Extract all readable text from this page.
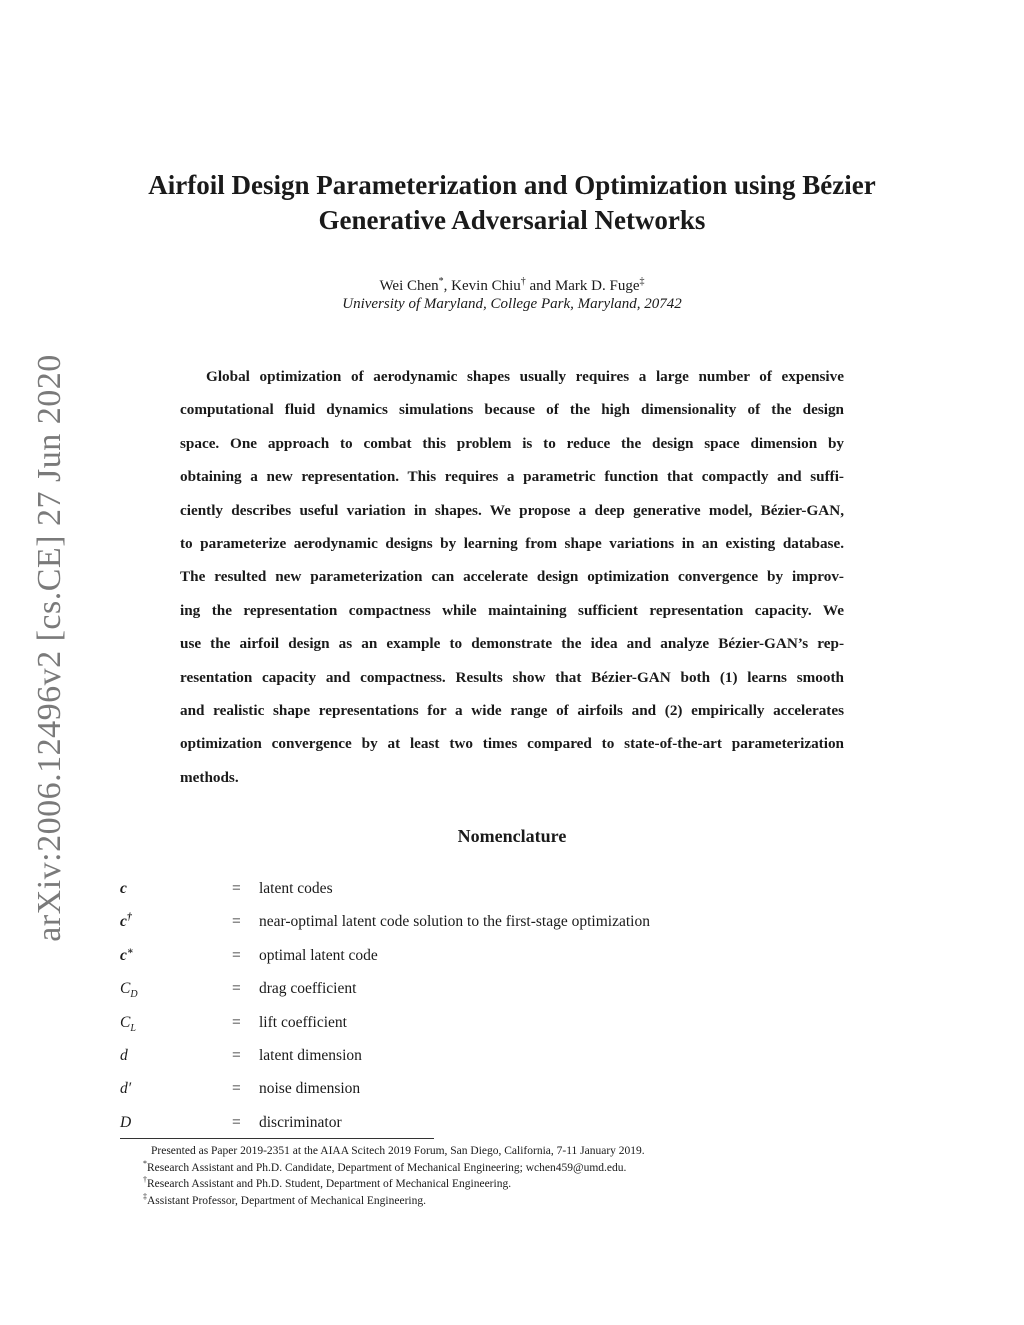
arXiv:2006.12496v2 [cs.CE] 27 Jun 2020
Airfoil Design Parameterization and Optimization using Bézier
Generative Adversarial Networks
Wei Chen*, Kevin Chiu† and Mark D. Fuge‡
University of Maryland, College Park, Maryland, 20742
Global optimization of aerodynamic shapes usually requires a large number of expensive
computational fluid dynamics simulations because of the high dimensionality of the design
space. One approach to combat this problem is to reduce the design space dimension by
obtaining a new representation. This requires a parametric function that compactly and suffi-
ciently describes useful variation in shapes. We propose a deep generative model, Bézier-GAN,
to parameterize aerodynamic designs by learning from shape variations in an existing database.
The resulted new parameterization can accelerate design optimization convergence by improv-
ing the representation compactness while maintaining sufficient representation capacity. We
use the airfoil design as an example to demonstrate the idea and analyze Bézier-GAN’s rep-
resentation capacity and compactness. Results show that Bézier-GAN both (1) learns smooth
and realistic shape representations for a wide range of airfoils and (2) empirically accelerates
optimization convergence by at least two times compared to state-of-the-art parameterization
methods.
Nomenclature
c	= latent codes
c†	= near-optimal latent code solution to the first-stage optimization
c∗	= optimal latent code
$C_D$	= drag coefficient
$C_L$	= lift coefficient
d	= latent dimension
d′	= noise dimension
D	= discriminator
Presented as Paper 2019-2351 at the AIAA Scitech 2019 Forum, San Diego, California, 7-11 January 2019.
*Research Assistant and Ph.D. Candidate, Department of Mechanical Engineering; wchen459@umd.edu.
†Research Assistant and Ph.D. Student, Department of Mechanical Engineering.
‡Assistant Professor, Department of Mechanical Engineering.
